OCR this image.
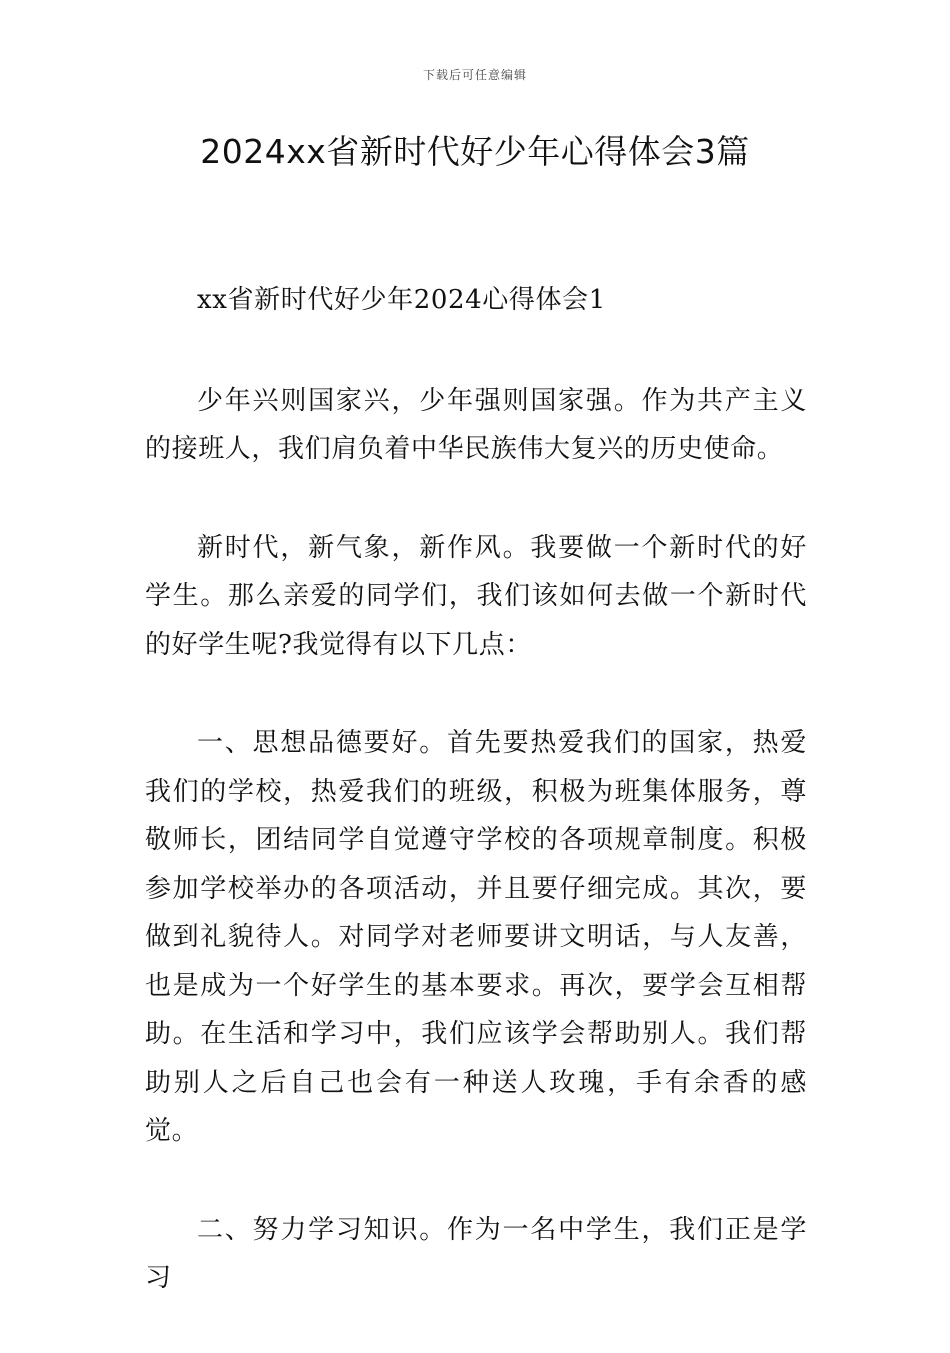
下载后可任意编辑
2024xx省新时代好少年心得体会3篇

xx省新时代好少年2024心得体会1

少年兴则国家兴，少年强则国家强。作为共产主义的接班人，我们肩负着中华民族伟大复兴的历史使命。

新时代，新气象，新作风。我要做一个新时代的好学生。那么亲爱的同学们，我们该如何去做一个新时代的好学生呢?我觉得有以下几点：

一、思想品德要好。首先要热爱我们的国家，热爱我们的学校，热爱我们的班级，积极为班集体服务，尊敬师长，团结同学自觉遵守学校的各项规章制度。积极参加学校举办的各项活动，并且要仔细完成。其次，要做到礼貌待人。对同学对老师要讲文明话，与人友善，也是成为一个好学生的基本要求。再次，要学会互相帮助。在生活和学习中，我们应该学会帮助别人。我们帮助别人之后自己也会有一种送人玫瑰，手有余香的感觉。

二、努力学习知识。作为一名中学生，我们正是学习
